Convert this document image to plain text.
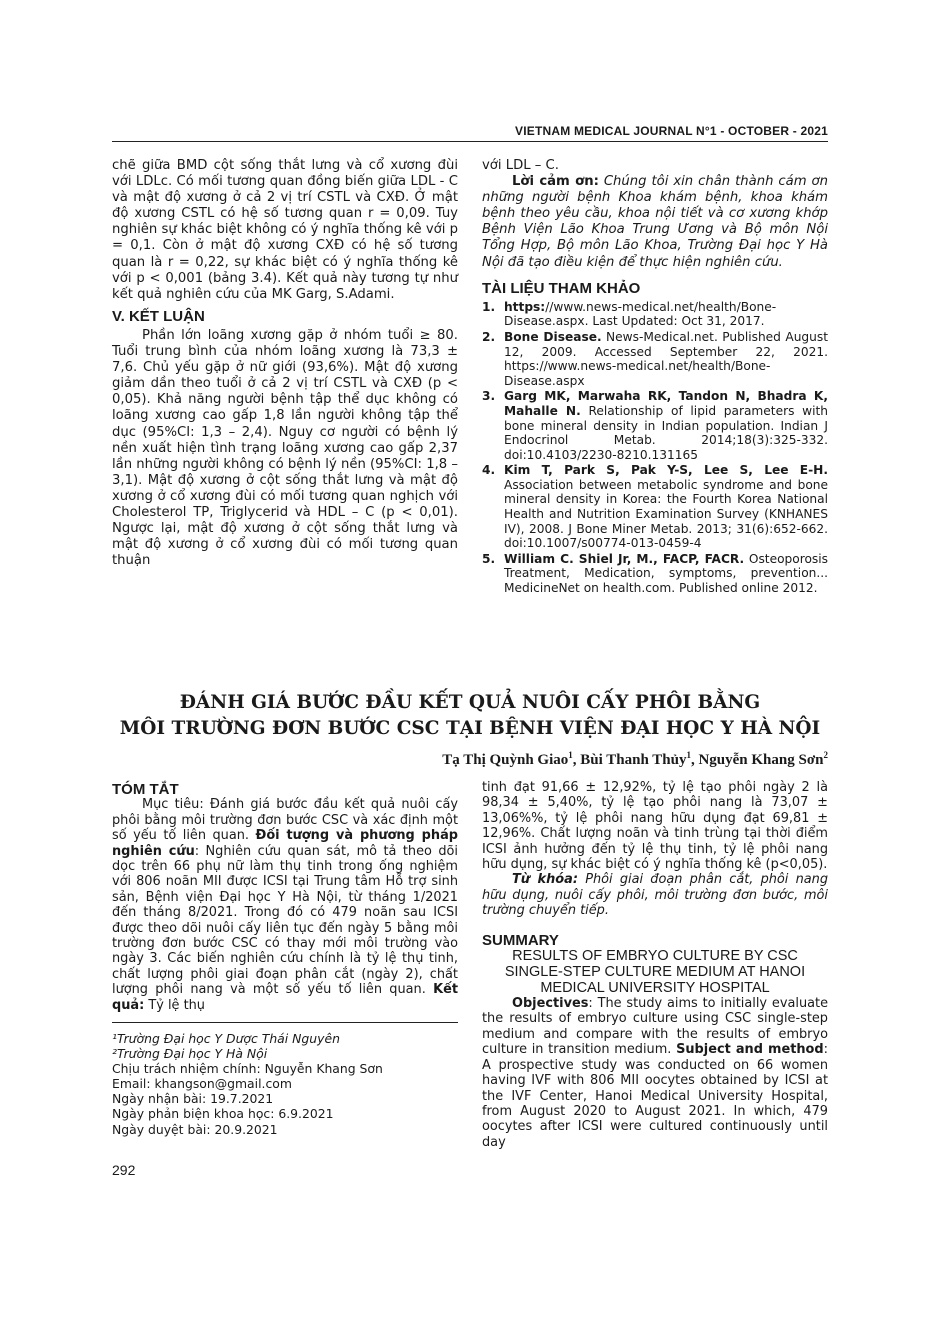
VIETNAM MEDICAL JOURNAL N°1 - OCTOBER - 2021

chẽ giữa BMD cột sống thắt lưng và cổ xương đùi với LDLc. Có mối tương quan đồng biến giữa LDL - C và mật độ xương ở cả 2 vị trí CSTL và CXĐ. Ở mật độ xương CSTL có hệ số tương quan r = 0,09. Tuy nghiên sự khác biệt không có ý nghĩa thống kê với p = 0,1. Còn ở mật độ xương CXĐ có hệ số tương quan là r = 0,22, sự khác biệt có ý nghĩa thống kê với p < 0,001 (bảng 3.4). Kết quả này tương tự như kết quả nghiên cứu của MK Garg, S.Adami.

V. KẾT LUẬN

Phần lớn loãng xương gặp ở nhóm tuổi ≥ 80. Tuổi trung bình của nhóm loãng xương là 73,3 ± 7,6. Chủ yếu gặp ở nữ giới (93,6%). Mật độ xương giảm dần theo tuổi ở cả 2 vị trí CSTL và CXĐ (p < 0,05). Khả năng người bệnh tập thể dục không có loãng xương cao gấp 1,8 lần người không tập thể dục (95%CI: 1,3 – 2,4). Nguy cơ người có bệnh lý nền xuất hiện tình trạng loãng xương cao gấp 2,37 lần những người không có bệnh lý nền (95%CI: 1,8 – 3,1). Mật độ xương ở cột sống thắt lưng và mật độ xương ở cổ xương đùi có mối tương quan nghịch với Cholesterol TP, Triglycerid và HDL – C (p < 0,01). Ngược lại, mật độ xương ở cột sống thắt lưng và mật độ xương ở cổ xương đùi có mối tương quan thuận

với LDL – C.

Lời cảm ơn: Chúng tôi xin chân thành cám ơn những người bệnh Khoa khám bệnh, khoa khám bệnh theo yêu cầu, khoa nội tiết và cơ xương khớp Bệnh Viện Lão Khoa Trung Ương và Bộ môn Nội Tổng Hợp, Bộ môn Lão Khoa, Trường Đại học Y Hà Nội đã tạo điều kiện để thực hiện nghiên cứu.

TÀI LIỆU THAM KHẢO

1. https://www.news-medical.net/health/Bone-Disease.aspx. Last Updated: Oct 31, 2017.
2. Bone Disease. News-Medical.net. Published August 12, 2009. Accessed September 22, 2021. https://www.news-medical.net/health/Bone-Disease.aspx
3. Garg MK, Marwaha RK, Tandon N, Bhadra K, Mahalle N. Relationship of lipid parameters with bone mineral density in Indian population. Indian J Endocrinol Metab. 2014;18(3):325-332. doi:10.4103/2230-8210.131165
4. Kim T, Park S, Pak Y-S, Lee S, Lee E-H. Association between metabolic syndrome and bone mineral density in Korea: the Fourth Korea National Health and Nutrition Examination Survey (KNHANES IV), 2008. J Bone Miner Metab. 2013; 31(6):652-662. doi:10.1007/s00774-013-0459-4
5. William C. Shiel Jr, M., FACP, FACR. Osteoporosis Treatment, Medication, symptoms, prevention... MedicineNet on health.com. Published online 2012.
ĐÁNH GIÁ BƯỚC ĐẦU KẾT QUẢ NUÔI CẤY PHÔI BẰNG
MÔI TRƯỜNG ĐƠN BƯỚC CSC TẠI BỆNH VIỆN ĐẠI HỌC Y HÀ NỘI
Tạ Thị Quỳnh Giao$^1$, Bùi Thanh Thủy$^1$, Nguyễn Khang Sơn$^2$

TÓM TẮT

Mục tiêu: Đánh giá bước đầu kết quả nuôi cấy phôi bằng môi trường đơn bước CSC và xác định một số yếu tố liên quan. Đối tượng và phương pháp nghiên cứu: Nghiên cứu quan sát, mô tả theo dõi dọc trên 66 phụ nữ làm thụ tinh trong ống nghiệm với 806 noãn MII được ICSI tại Trung tâm Hỗ trợ sinh sản, Bệnh viện Đại học Y Hà Nội, từ tháng 1/2021 đến tháng 8/2021. Trong đó có 479 noãn sau ICSI được theo dõi nuôi cấy liên tục đến ngày 5 bằng môi trường đơn bước CSC có thay mới môi trường vào ngày 3. Các biến nghiên cứu chính là tỷ lệ thụ tinh, chất lượng phôi giai đoạn phân cắt (ngày 2), chất lượng phôi nang và một số yếu tố liên quan. Kết quả: Tỷ lệ thụ

tinh đạt 91,66 ± 12,92%, tỷ lệ tạo phôi ngày 2 là 98,34 ± 5,40%, tỷ lệ tạo phôi nang là 73,07 ± 13,06%%, tỷ lệ phôi nang hữu dụng đạt 69,81 ± 12,96%. Chất lượng noãn và tinh trùng tại thời điểm ICSI ảnh hưởng đến tỷ lệ thụ tinh, tỷ lệ phôi nang hữu dụng, sự khác biệt có ý nghĩa thống kê (p<0,05).

Từ khóa: Phôi giai đoạn phân cắt, phôi nang hữu dụng, nuôi cấy phôi, môi trường đơn bước, môi trường chuyển tiếp.

SUMMARY

RESULTS OF EMBRYO CULTURE BY CSC SINGLE-STEP CULTURE MEDIUM AT HANOI MEDICAL UNIVERSITY HOSPITAL

Objectives: The study aims to initially evaluate the results of embryo culture using CSC single-step medium and compare with the results of embryo culture in transition medium. Subject and method: A prospective study was conducted on 66 women having IVF with 806 MII oocytes obtained by ICSI at the IVF Center, Hanoi Medical University Hospital, from August 2020 to August 2021. In which, 479 oocytes after ICSI were cultured continuously until day

¹Trường Đại học Y Dược Thái Nguyên

²Trường Đại học Y Hà Nội

Chịu trách nhiệm chính: Nguyễn Khang Sơn

Email: khangson@gmail.com

Ngày nhận bài: 19.7.2021

Ngày phản biện khoa học: 6.9.2021

Ngày duyệt bài: 20.9.2021

292
